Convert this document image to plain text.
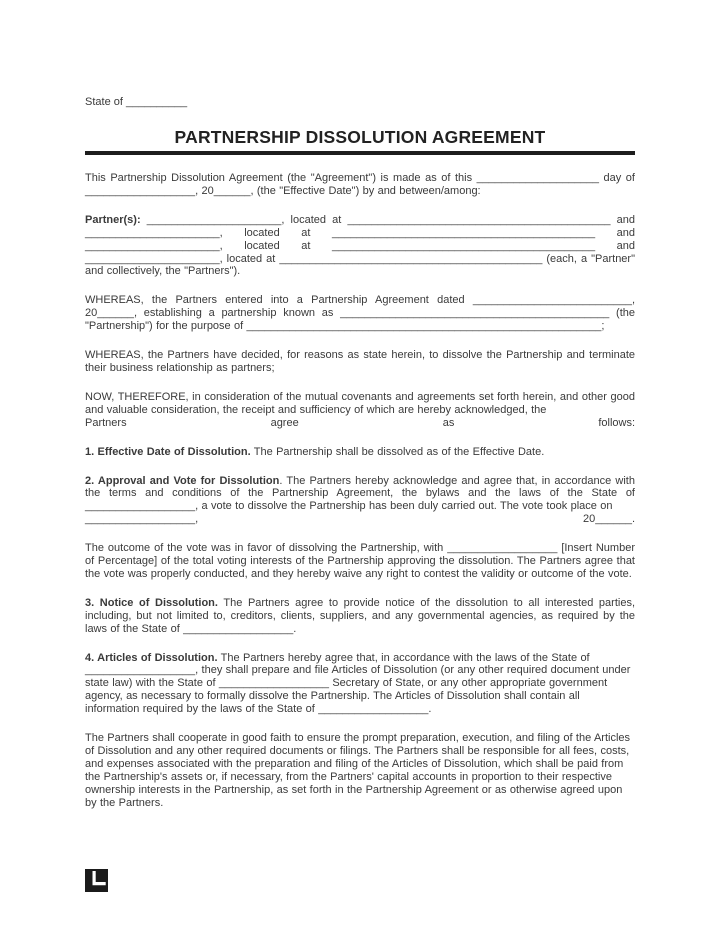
State of __________
PARTNERSHIP DISSOLUTION AGREEMENT

This Partnership Dissolution Agreement (the "Agreement") is made as of this ____________________ day of __________________, 20______, (the "Effective Date") by and between/among:

Partner(s): ______________________, located at ___________________________________________ and ______________________, located at ___________________________________________ and ______________________, located at ___________________________________________ and ______________________, located at ___________________________________________ (each, a "Partner" and collectively, the "Partners").

WHEREAS, the Partners entered into a Partnership Agreement dated __________________________, 20______, establishing a partnership known as ____________________________________________ (the "Partnership") for the purpose of __________________________________________________________;

WHEREAS, the Partners have decided, for reasons as state herein, to dissolve the Partnership and terminate their business relationship as partners;

NOW, THEREFORE, in consideration of the mutual covenants and agreements set forth herein, and other good and valuable consideration, the receipt and sufficiency of which are hereby acknowledged, the

Partners agree as follows:

1. Effective Date of Dissolution. The Partnership shall be dissolved as of the Effective Date.

2. Approval and Vote for Dissolution. The Partners hereby acknowledge and agree that, in accordance with the terms and conditions of the Partnership Agreement, the bylaws and the laws of the State of __________________, a vote to dissolve the Partnership has been duly carried out. The vote took place on

__________________, 20______.

The outcome of the vote was in favor of dissolving the Partnership, with __________________ [Insert Number of Percentage] of the total voting interests of the Partnership approving the dissolution. The Partners agree that the vote was properly conducted, and they hereby waive any right to contest the validity or outcome of the vote.

3. Notice of Dissolution. The Partners agree to provide notice of the dissolution to all interested parties, including, but not limited to, creditors, clients, suppliers, and any governmental agencies, as required by the laws of the State of __________________.

4. Articles of Dissolution. The Partners hereby agree that, in accordance with the laws of the State of __________________, they shall prepare and file Articles of Dissolution (or any other required document under state law) with the State of __________________ Secretary of State, or any other appropriate government agency, as necessary to formally dissolve the Partnership. The Articles of Dissolution shall contain all information required by the laws of the State of __________________.

The Partners shall cooperate in good faith to ensure the prompt preparation, execution, and filing of the Articles of Dissolution and any other required documents or filings. The Partners shall be responsible for all fees, costs, and expenses associated with the preparation and filing of the Articles of Dissolution, which shall be paid from the Partnership's assets or, if necessary, from the Partners' capital accounts in proportion to their respective ownership interests in the Partnership, as set forth in the Partnership Agreement or as otherwise agreed upon by the Partners.
